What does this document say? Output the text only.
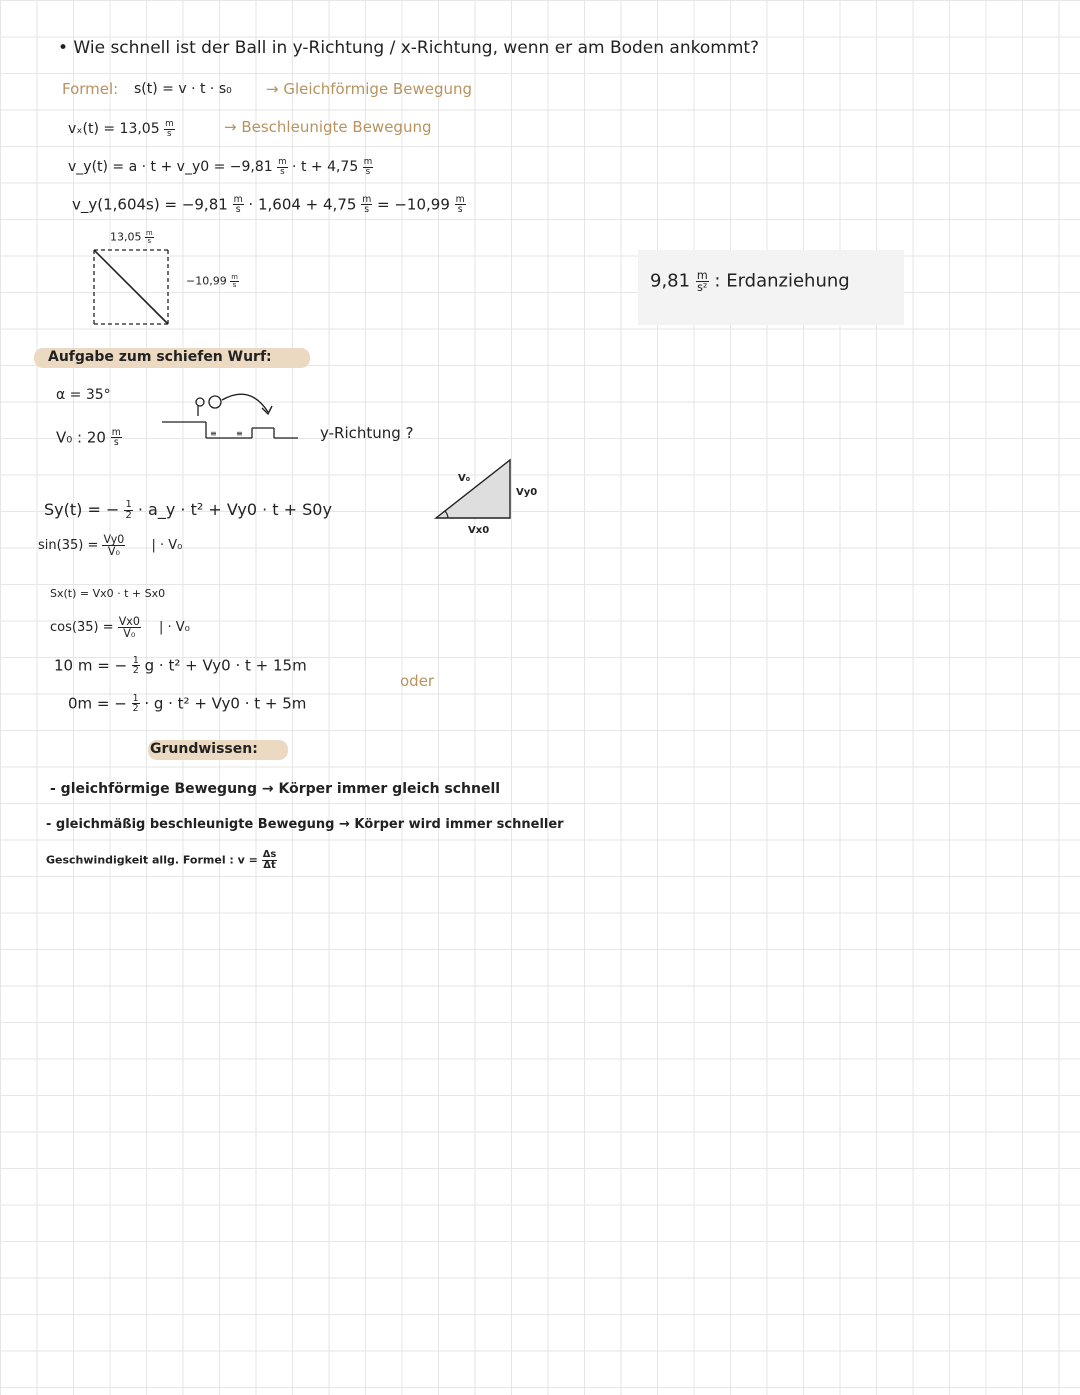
• Wie schnell ist der Ball in y-Richtung / x-Richtung, wenn er am Boden ankommt?
Formel: s(t) = v · t · s₀ → Gleichförmige Bewegung
$v_x(t) = 13,05 \frac{m}{s}$	→ Beschleunigte Bewegung
v_y(t) = a · t + v_y0 = $-9,81 \frac{m}{s} \cdot t + 4,75 \frac{m}{s}$
v_y(1,604s) = $-9,81 \frac{m}{s} \cdot 1,604 + 4,75 \frac{m}{s} = -10,99 \frac{m}{s}$
$13,05 \frac{m}{s}$
$-10,99 \frac{m}{s}$	$9,81 \frac{m}{\text{s²}}$ : Erdanziehung
Aufgabe zum schiefen Wurf:
α = 35°
V₀ : $20 \frac{m}{s}$	≡ ≡	y-Richtung ?
V₀
Vy0
Vx0
Sy(t) = − $\frac{1}{2}$ · a_y · t² + Vy0 · t + S0y
$\sin(35) = \frac{Vy0}{\text{V₀}}$ | · V₀
Sx(t) = Vx0 · t + Sx0
$\cos(35) = \frac{Vx0}{\text{V₀}}$ | · V₀
10 m = − $\frac{1}{2}$ g · t² + Vy0 · t + 15m
oder
0m = − $\frac{1}{2} \cdot g \cdot t^2 + Vy0 \cdot t + 5m$
Grundwissen:
- gleichförmige Bewegung → Körper immer gleich schnell
- gleichmäßig beschleunigte Bewegung → Körper wird immer schneller
Geschwindigkeit allg. Formel : $v = \frac{\Delta s}{\Delta t}$
